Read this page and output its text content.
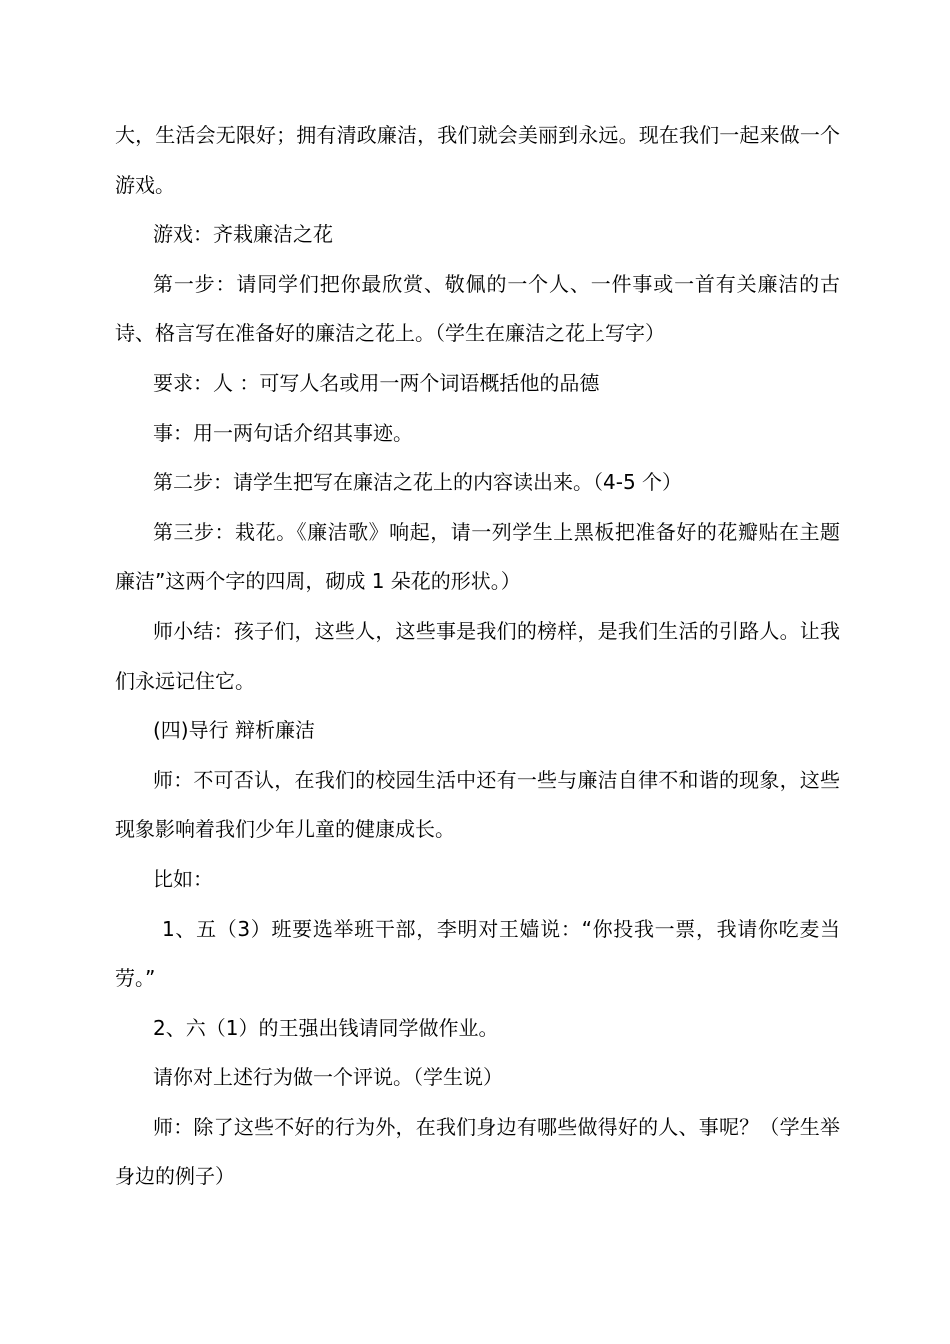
大，生活会无限好；拥有清政廉洁，我们就会美丽到永远。现在我们一起来做一个游戏。

游戏：齐栽廉洁之花

第一步：请同学们把你最欣赏、敬佩的一个人、一件事或一首有关廉洁的古诗、格言写在准备好的廉洁之花上。（学生在廉洁之花上写字）

要求：人 ：可写人名或用一两个词语概括他的品德

事：用一两句话介绍其事迹。

第二步：请学生把写在廉洁之花上的内容读出来。（4-5 个）

第三步：栽花。《廉洁歌》响起，请一列学生上黑板把准备好的花瓣贴在主题廉洁”这两个字的四周，砌成 1 朵花的形状。）

师小结：孩子们，这些人，这些事是我们的榜样，是我们生活的引路人。让我们永远记住它。

(四)导行 辩析廉洁

师：不可否认，在我们的校园生活中还有一些与廉洁自律不和谐的现象，这些现象影响着我们少年儿童的健康成长。

比如：

1、五（3）班要选举班干部，李明对王嫱说：“你投我一票，我请你吃麦当劳。”

2、六（1）的王强出钱请同学做作业。

请你对上述行为做一个评说。（学生说）

师：除了这些不好的行为外，在我们身边有哪些做得好的人、事呢？（学生举身边的例子）
